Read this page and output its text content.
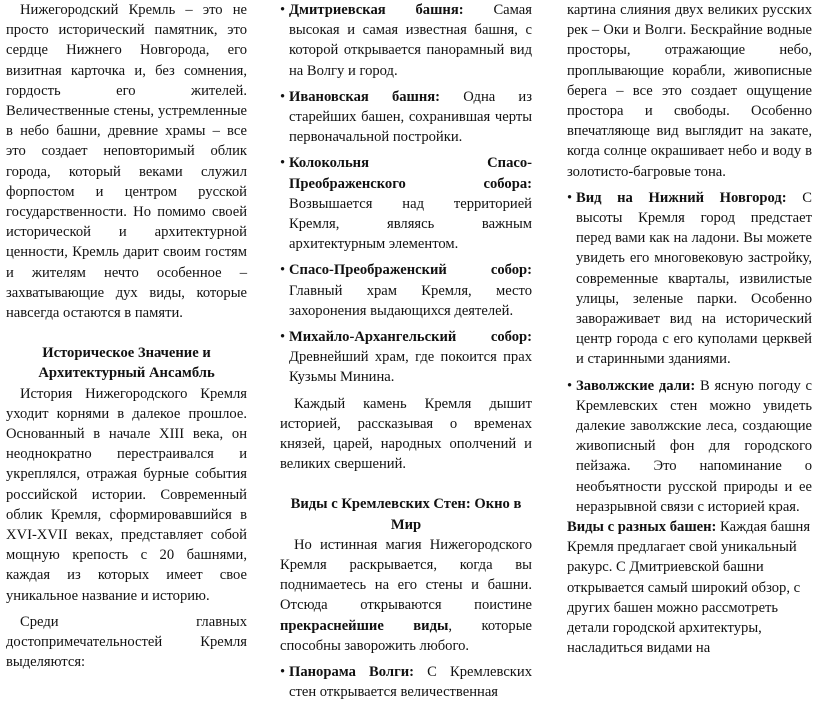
Нижегородский Кремль – это не просто исторический памятник, это сердце Нижнего Новгорода, его визитная карточка и, без сомнения, гордость его жителей. Величественные стены, устремленные в небо башни, древние храмы – все это создает неповторимый облик города, который веками служил форпостом и центром русской государственности. Но помимо своей исторической и архитектурной ценности, Кремль дарит своим гостям и жителям нечто особенное – захватывающие дух виды, которые навсегда остаются в памяти.

Историческое Значение и Архитектурный Ансамбль

История Нижегородского Кремля уходит корнями в далекое прошлое. Основанный в начале XIII века, он неоднократно перестраивался и укреплялся, отражая бурные события российской истории. Современный облик Кремля, сформировавшийся в XVI-XVII веках, представляет собой мощную крепость с 20 башнями, каждая из которых имеет свое уникальное название и историю.

Среди главных достопримечательностей Кремля выделяются:

• Дмитриевская башня: Самая высокая и самая известная башня, с которой открывается панорамный вид на Волгу и город.

• Ивановская башня: Одна из старейших башен, сохранившая черты первоначальной постройки.

• Колокольня Спасо-Преображенского собора: Возвышается над территорией Кремля, являясь важным архитектурным элементом.

• Спасо-Преображенский собор: Главный храм Кремля, место захоронения выдающихся деятелей.

• Михайло-Архангельский собор: Древнейший храм, где покоится прах Кузьмы Минина.

Каждый камень Кремля дышит историей, рассказывая о временах князей, царей, народных ополчений и великих свершений.

Виды с Кремлевских Стен: Окно в Мир

Но истинная магия Нижегородского Кремля раскрывается, когда вы поднимаетесь на его стены и башни. Отсюда открываются поистине прекраснейшие виды, которые способны заворожить любого.

• Панорама Волги: С Кремлевских стен открывается величественная

картина слияния двух великих русских рек – Оки и Волги. Бескрайние водные просторы, отражающие небо, проплывающие корабли, живописные берега – все это создает ощущение простора и свободы. Особенно впечатляюще вид выглядит на закате, когда солнце окрашивает небо и воду в золотисто-багровые тона.

• Вид на Нижний Новгород: С высоты Кремля город предстает перед вами как на ладони. Вы можете увидеть его многовековую застройку, современные кварталы, извилистые улицы, зеленые парки. Особенно завораживает вид на исторический центр города с его куполами церквей и старинными зданиями.

• Заволжские дали: В ясную погоду с Кремлевских стен можно увидеть далекие заволжские леса, создающие живописный фон для городского пейзажа. Это напоминание о необъятности русской природы и ее неразрывной связи с историей края.

Виды с разных башен: Каждая башня Кремля предлагает свой уникальный ракурс. С Дмитриевской башни открывается самый широкий обзор, с других башен можно рассмотреть детали городской архитектуры, насладиться видами на
